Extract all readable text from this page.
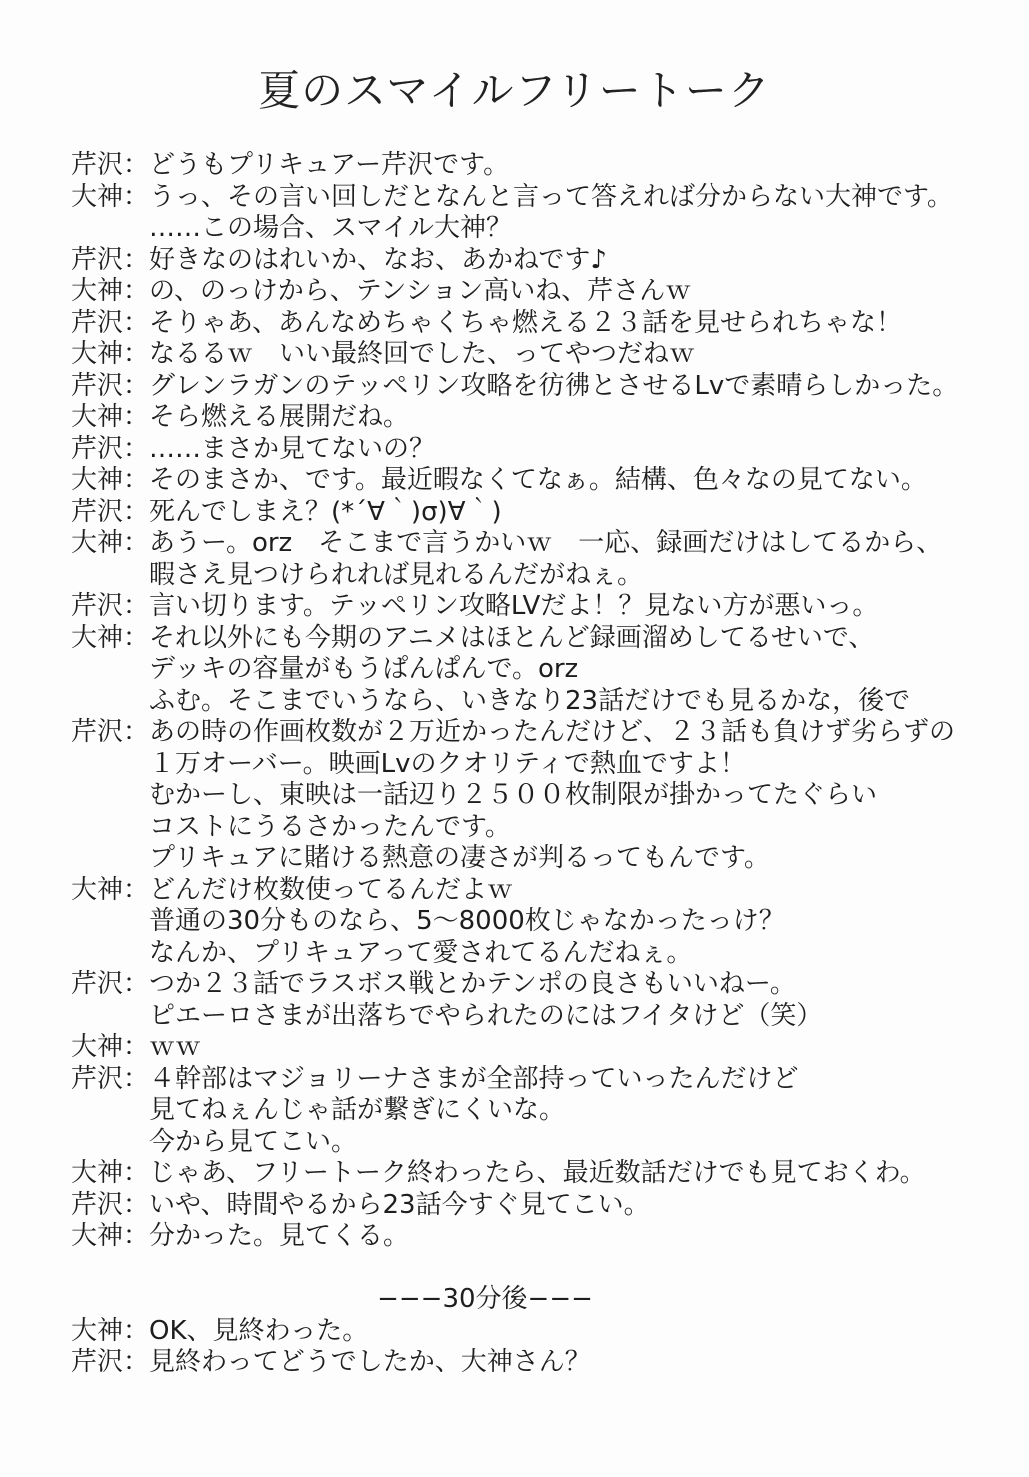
夏のスマイルフリートーク
芹沢： どうもプリキュアー芹沢です。
大神： うっ、その言い回しだとなんと言って答えれば分からない大神です。
……この場合、スマイル大神？
芹沢： 好きなのはれいか、なお、あかねです♪
大神： の、のっけから、テンション高いね、芹さんｗ
芹沢： そりゃあ、あんなめちゃくちゃ燃える２３話を見せられちゃな！
大神： なるるｗ　いい最終回でした、ってやつだねｗ
芹沢： グレンラガンのテッペリン攻略を彷彿とさせるLvで素晴らしかった。
大神： そら燃える展開だね。
芹沢： ……まさか見てないの？
大神： そのまさか、です。最近暇なくてなぁ。結構、色々なの見てない。
芹沢： 死んでしまえ？(*´∀｀)σ)∀｀)
大神： あうー。orz　そこまで言うかいｗ　一応、録画だけはしてるから、
暇さえ見つけられれば見れるんだがねぇ。
芹沢： 言い切ります。テッペリン攻略LVだよ！？見ない方が悪いっ。
大神： それ以外にも今期のアニメはほとんど録画溜めしてるせいで、
デッキの容量がもうぱんぱんで。orz
ふむ。そこまでいうなら、いきなり23話だけでも見るかな，後で
芹沢： あの時の作画枚数が２万近かったんだけど、２３話も負けず劣らずの
１万オーバー。映画Lvのクオリティで熱血ですよ！
むかーし、東映は一話辺り２５００枚制限が掛かってたぐらい
コストにうるさかったんです。
プリキュアに賭ける熱意の凄さが判るってもんです。
大神： どんだけ枚数使ってるんだよｗ
普通の30分ものなら、5〜8000枚じゃなかったっけ？
なんか、プリキュアって愛されてるんだねぇ。
芹沢： つか２３話でラスボス戦とかテンポの良さもいいねー。
ピエーロさまが出落ちでやられたのにはフイタけど（笑）
大神： ｗｗ
芹沢： ４幹部はマジョリーナさまが全部持っていったんだけど
見てねぇんじゃ話が繋ぎにくいな。
今から見てこい。
大神： じゃあ、フリートーク終わったら、最近数話だけでも見ておくわ。
芹沢： いや、時間やるから23話今すぐ見てこい。
大神： 分かった。見てくる。
−−−30分後−−−
大神： OK、見終わった。
芹沢： 見終わってどうでしたか、大神さん？
